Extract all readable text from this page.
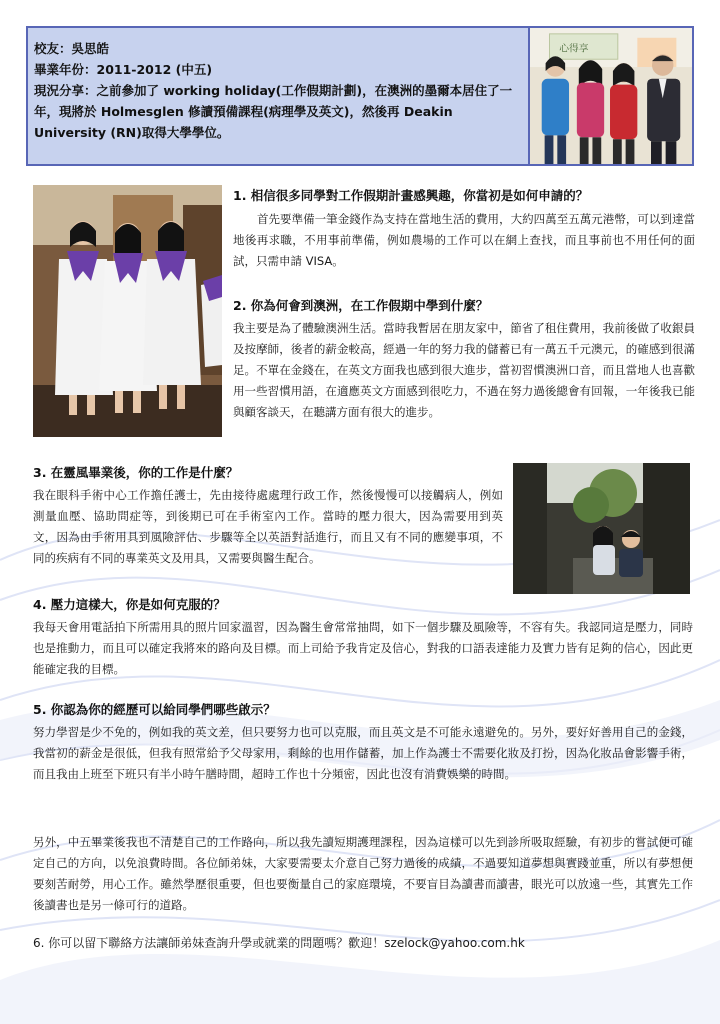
校友：吳思皓

畢業年份：2011-2012 (中五)

現況分享：之前參加了 working holiday(工作假期計劃)，在澳洲的墨爾本居住了一年，現將於 Holmesglen 修讀預備課程(病理學及英文)，然後再 Deakin University (RN)取得大學學位。

心得享

1. 相信很多同學對工作假期計畫感興趣，你當初是如何申請的？

首先要準備一筆金錢作為支持在當地生活的費用，大約四萬至五萬元港幣，可以到達當地後再求職，不用事前準備，例如農場的工作可以在網上查找，而且事前也不用任何的面試，只需申請 VISA。

2. 你為何會到澳洲，在工作假期中學到什麼？

我主要是為了體驗澳洲生活。當時我暫居在朋友家中，節省了租住費用，我前後做了收銀員及按摩師，後者的薪金較高，經過一年的努力我的儲蓄已有一萬五千元澳元，的確感到很滿足。不單在金錢在，在英文方面我也感到很大進步，當初習慣澳洲口音，而且當地人也喜歡用一些習慣用語，在適應英文方面感到很吃力，不過在努力過後總會有回報，一年後我已能與顧客談天，在聽講方面有很大的進步。

3. 在靈風畢業後，你的工作是什麼？

我在眼科手術中心工作擔任護士，先由接待處處理行政工作，然後慢慢可以接觸病人，例如測量血壓、協助問症等，到後期已可在手術室內工作。當時的壓力很大，因為需要用到英文，因為由手術用具到風險評估、步驟等全以英語對話進行，而且又有不同的應變事項，不同的疾病有不同的專業英文及用具，又需要與醫生配合。

4. 壓力這樣大，你是如何克服的？

我每天會用電話拍下所需用具的照片回家溫習，因為醫生會常常抽問，如下一個步驟及風險等，不容有失。我認同這是壓力，同時也是推動力，而且可以確定我將來的路向及目標。而上司給予我肯定及信心，對我的口語表達能力及實力皆有足夠的信心，因此更能確定我的目標。

5. 你認為你的經歷可以給同學們哪些啟示？

努力學習是少不免的，例如我的英文差，但只要努力也可以克服，而且英文是不可能永遠避免的。另外，要好好善用自己的金錢，我當初的薪金是很低，但我有照常給予父母家用，剩餘的也用作儲蓄，加上作為護士不需要化妝及打扮，因為化妝品會影響手術，而且我由上班至下班只有半小時午膳時間，超時工作也十分頻密，因此也沒有消費娛樂的時間。

另外，中五畢業後我也不清楚自己的工作路向，所以我先讀短期護理課程，因為這樣可以先到診所吸取經驗，有初步的嘗試便可確定自己的方向，以免浪費時間。各位師弟妹，大家要需要太介意自己努力過後的成績，不過要知道夢想與實踐並重，所以有夢想便要刻苦耐勞，用心工作。雖然學歷很重要，但也要衡量自己的家庭環境，不要盲目為讀書而讀書，眼光可以放遠一些，其實先工作後讀書也是另一條可行的道路。

6. 你可以留下聯絡方法讓師弟妹查詢升學或就業的問題嗎？歡迎！szelock@yahoo.com.hk
